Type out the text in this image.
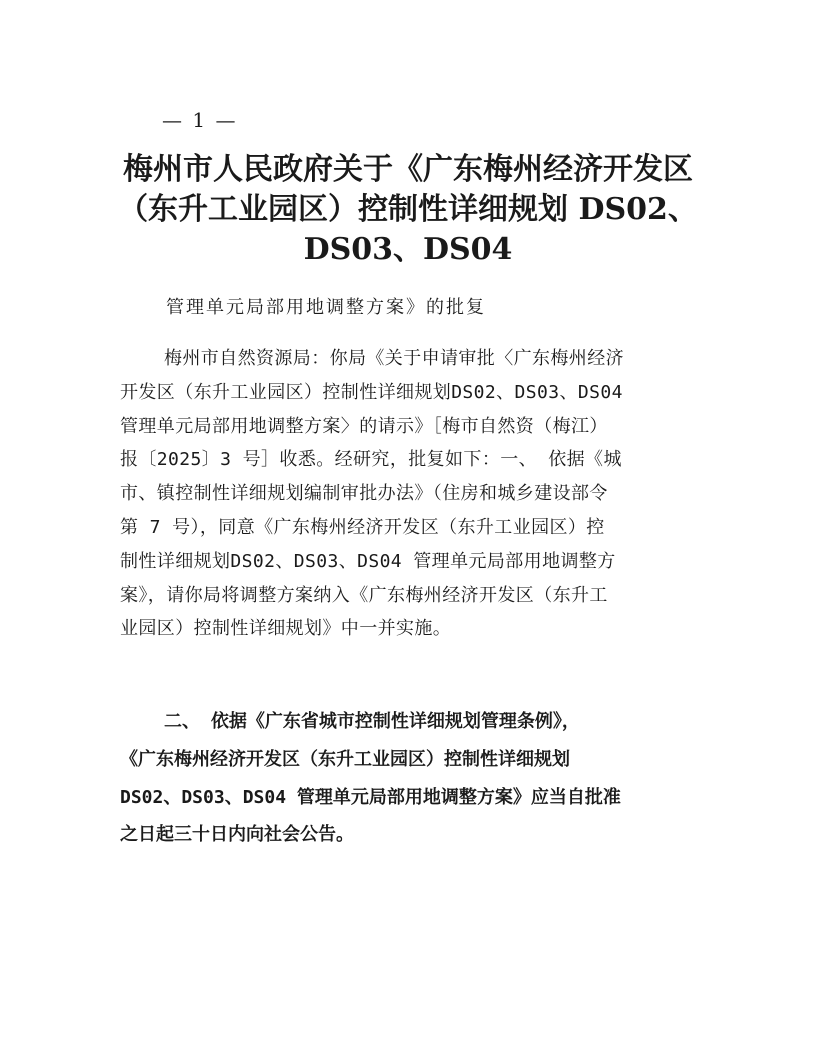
— 1 —
梅州市人民政府关于《广东梅州经济开发区
（东升工业园区）控制性详细规划 DS02、
DS03、DS04
管理单元局部用地调整方案》的批复
梅州市自然资源局：你局《关于申请审批〈广东梅州经济
开发区（东升工业园区）控制性详细规划DS02、DS03、DS04
管理单元局部用地调整方案〉的请示》［梅市自然资（梅江）
报〔2025〕3 号］收悉。经研究，批复如下：一、 依据《城
市、镇控制性详细规划编制审批办法》（住房和城乡建设部令
第 7 号），同意《广东梅州经济开发区（东升工业园区）控
制性详细规划DS02、DS03、DS04 管理单元局部用地调整方
案》，请你局将调整方案纳入《广东梅州经济开发区（东升工
业园区）控制性详细规划》中一并实施。
二、 依据《广东省城市控制性详细规划管理条例》，
《广东梅州经济开发区（东升工业园区）控制性详细规划
DS02、DS03、DS04 管理单元局部用地调整方案》应当自批准
之日起三十日内向社会公告。
